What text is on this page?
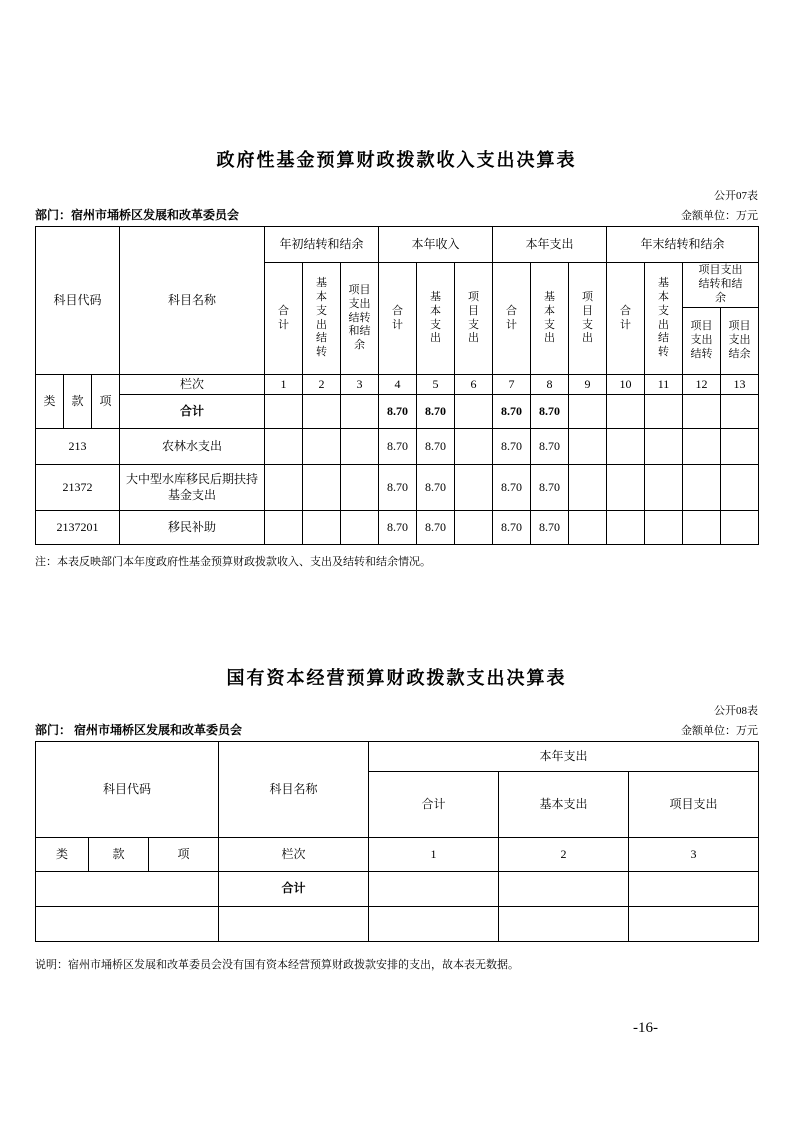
政府性基金预算财政拨款收入支出决算表
公开07表
部门：宿州市埇桥区发展和改革委员会	金额单位：万元
科目代码			科目名称	年初结转和结余			本年收入			本年支出			年末结转和结余			

				合计	基本支出结转	项目支出结转和结余	合计	基本支出	项目支出	合计	基本支出	项目支出	合计	基本支出结转	项目支出结转和结余	
															项目支出结转	项目支出结余
类	款	项	栏次	1	2	3	4	5	6	7	8	9	10	11	12	13
			合计				8.70	8.70		8.70	8.70					
213			农林水支出				8.70	8.70		8.70	8.70					
21372			大中型水库移民后期扶持基金支出				8.70	8.70		8.70	8.70					
2137201			移民补助				8.70	8.70		8.70	8.70					
注：本表反映部门本年度政府性基金预算财政拨款收入、支出及结转和结余情况。
国有资本经营预算财政拨款支出决算表
公开08表
部门： 宿州市埇桥区发展和改革委员会	金额单位：万元
科目代码			科目名称	本年支出		
				合计	基本支出	项目支出
类	款	项	栏次	1	2	3
			合计			

说明：宿州市埇桥区发展和改革委员会没有国有资本经营预算财政拨款安排的支出，故本表无数据。
-16-
